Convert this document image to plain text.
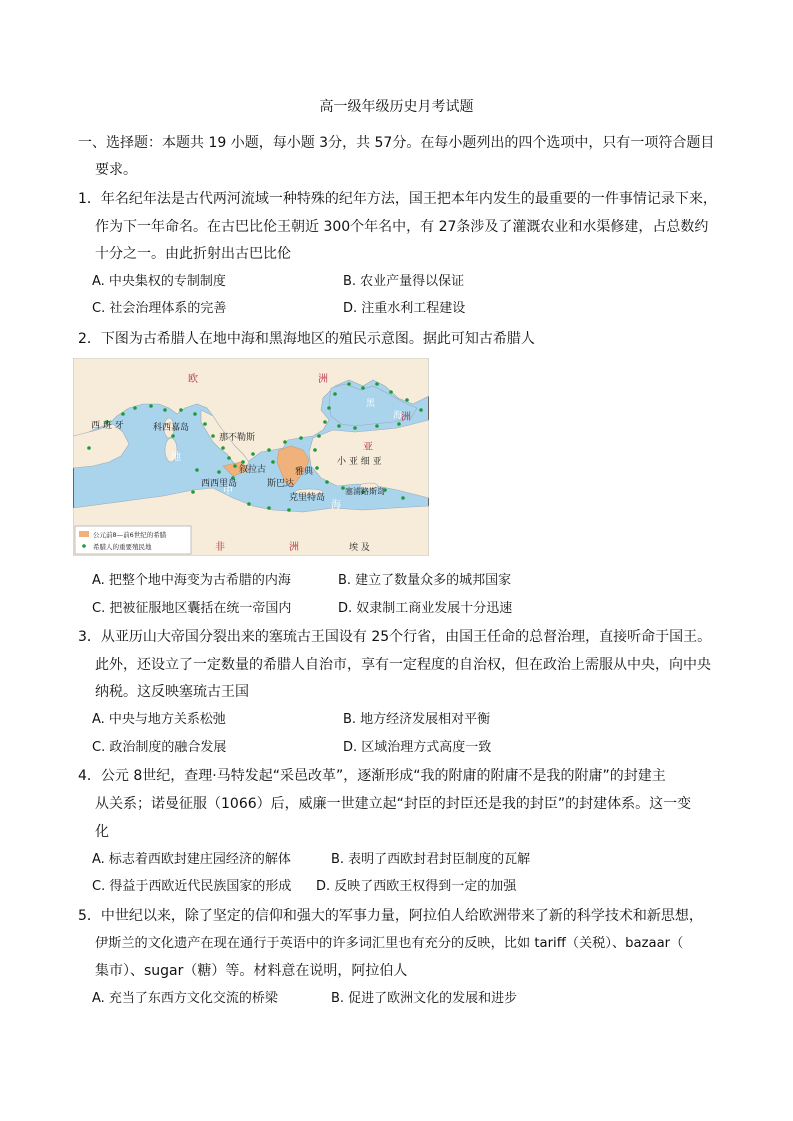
高一级年级历史月考试题
一、选择题：本题共 19 小题，每小题 3分，共 57分。在每小题列出的四个选项中，只有一项符合题目
要求。
1．年名纪年法是古代两河流域一种特殊的纪年方法，国王把本年内发生的最重要的一件事情记录下来，
作为下一年命名。在古巴比伦王朝近 300个年名中，有 27条涉及了灌溉农业和水渠修建，占总数约
十分之一。由此折射出古巴比伦
A. 中央集权的专制制度	B. 农业产量得以保证
C. 社会治理体系的完善	D. 注重水利工程建设
2．下图为古希腊人在地中海和黑海地区的殖民示意图。据此可知古希腊人
欧	洲
西 班 牙	科西嘉岛
那不勒斯
黑
海
亚
洲
小 亚 细 亚
地
中
海
叙拉古
西西里岛	斯巴达
雅典
克里特岛
塞浦路斯岛
非	洲	埃 及
公元前8—前6世纪的希腊
希腊人的重要殖民地
A. 把整个地中海变为古希腊的内海	B. 建立了数量众多的城邦国家
C. 把被征服地区囊括在统一帝国内	D. 奴隶制工商业发展十分迅速
3．从亚历山大帝国分裂出来的塞琉古王国设有 25个行省，由国王任命的总督治理，直接听命于国王。
此外，还设立了一定数量的希腊人自治市，享有一定程度的自治权，但在政治上需服从中央，向中央
纳税。这反映塞琉古王国
A. 中央与地方关系松弛	B. 地方经济发展相对平衡
C. 政治制度的融合发展	D. 区域治理方式高度一致
4．公元 8世纪，查理·马特发起“采邑改革”，逐渐形成“我的附庸的附庸不是我的附庸”的封建主
从关系；诺曼征服（1066）后，威廉一世建立起“封臣的封臣还是我的封臣”的封建体系。这一变
化
A. 标志着西欧封建庄园经济的解体	B. 表明了西欧封君封臣制度的瓦解
C. 得益于西欧近代民族国家的形成 D. 反映了西欧王权得到一定的加强
5．中世纪以来，除了坚定的信仰和强大的军事力量，阿拉伯人给欧洲带来了新的科学技术和新思想，
伊斯兰的文化遗产在现在通行于英语中的许多词汇里也有充分的反映，比如 tariff（关税）、bazaar（
集市）、sugar（糖）等。材料意在说明，阿拉伯人
A. 充当了东西方文化交流的桥梁	B. 促进了欧洲文化的发展和进步
